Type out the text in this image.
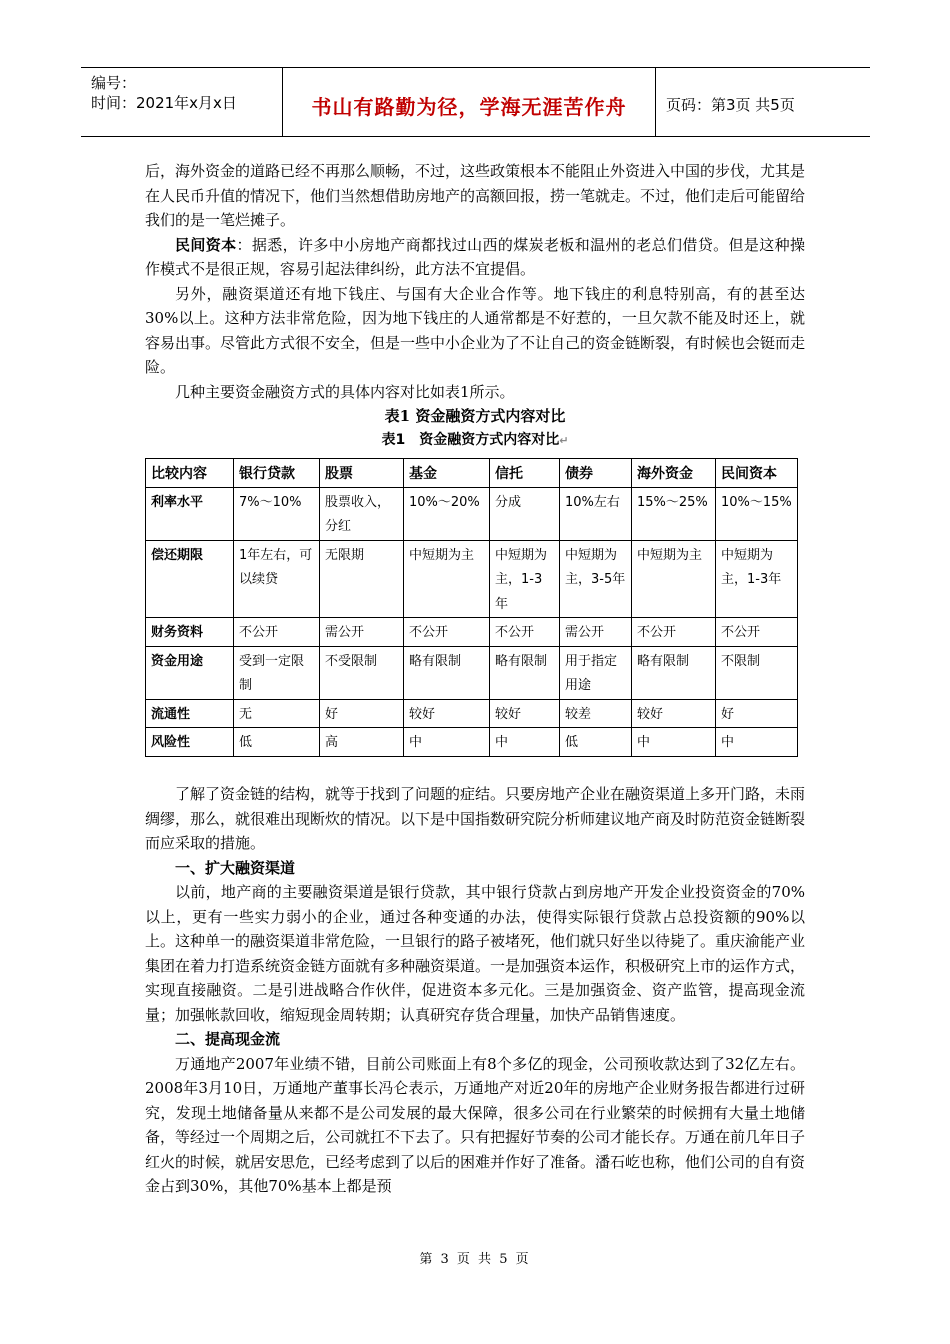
编号：
时间：2021年x月x日	书山有路勤为径，学海无涯苦作舟	页码：第3页 共5页

后，海外资金的道路已经不再那么顺畅，不过，这些政策根本不能阻止外资进入中国的步伐，尤其是在人民币升值的情况下，他们当然想借助房地产的高额回报，捞一笔就走。不过，他们走后可能留给我们的是一笔烂摊子。

民间资本：据悉，许多中小房地产商都找过山西的煤炭老板和温州的老总们借贷。但是这种操作模式不是很正规，容易引起法律纠纷，此方法不宜提倡。

另外，融资渠道还有地下钱庄、与国有大企业合作等。地下钱庄的利息特别高，有的甚至达30%以上。这种方法非常危险，因为地下钱庄的人通常都是不好惹的，一旦欠款不能及时还上，就容易出事。尽管此方式很不安全，但是一些中小企业为了不让自己的资金链断裂，有时候也会铤而走险。

几种主要资金融资方式的具体内容对比如表1所示。

表1 资金融资方式内容对比

表1　资金融资方式内容对比↵

比较内容	银行贷款	股票	基金	信托	债券	海外资金	民间资本
利率水平	7%～10%	股票收入，分红	10%～20%	分成	10%左右	15%～25%	10%～15%
偿还期限	1年左右，可以续贷	无限期	中短期为主	中短期为主，1-3年	中短期为主，3-5年	中短期为主	中短期为主，1-3年
财务资料	不公开	需公开	不公开	不公开	需公开	不公开	不公开
资金用途	受到一定限制	不受限制	略有限制	略有限制	用于指定用途	略有限制	不限制
流通性	无	好	较好	较好	较差	较好	好
风险性	低	高	中	中	低	中	中

了解了资金链的结构，就等于找到了问题的症结。只要房地产企业在融资渠道上多开门路，未雨绸缪，那么，就很难出现断炊的情况。以下是中国指数研究院分析师建议地产商及时防范资金链断裂而应采取的措施。

一、扩大融资渠道

以前，地产商的主要融资渠道是银行贷款，其中银行贷款占到房地产开发企业投资资金的70%以上，更有一些实力弱小的企业，通过各种变通的办法，使得实际银行贷款占总投资额的90%以上。这种单一的融资渠道非常危险，一旦银行的路子被堵死，他们就只好坐以待毙了。重庆渝能产业集团在着力打造系统资金链方面就有多种融资渠道。一是加强资本运作，积极研究上市的运作方式，实现直接融资。二是引进战略合作伙伴，促进资本多元化。三是加强资金、资产监管，提高现金流量；加强帐款回收，缩短现金周转期；认真研究存货合理量，加快产品销售速度。

二、提高现金流

万通地产2007年业绩不错，目前公司账面上有8个多亿的现金，公司预收款达到了32亿左右。2008年3月10日，万通地产董事长冯仑表示，万通地产对近20年的房地产企业财务报告都进行过研究，发现土地储备量从来都不是公司发展的最大保障，很多公司在行业繁荣的时候拥有大量土地储备，等经过一个周期之后，公司就扛不下去了。只有把握好节奏的公司才能长存。万通在前几年日子红火的时候，就居安思危，已经考虑到了以后的困难并作好了准备。潘石屹也称，他们公司的自有资金占到30%，其他70%基本上都是预

第 3 页 共 5 页
